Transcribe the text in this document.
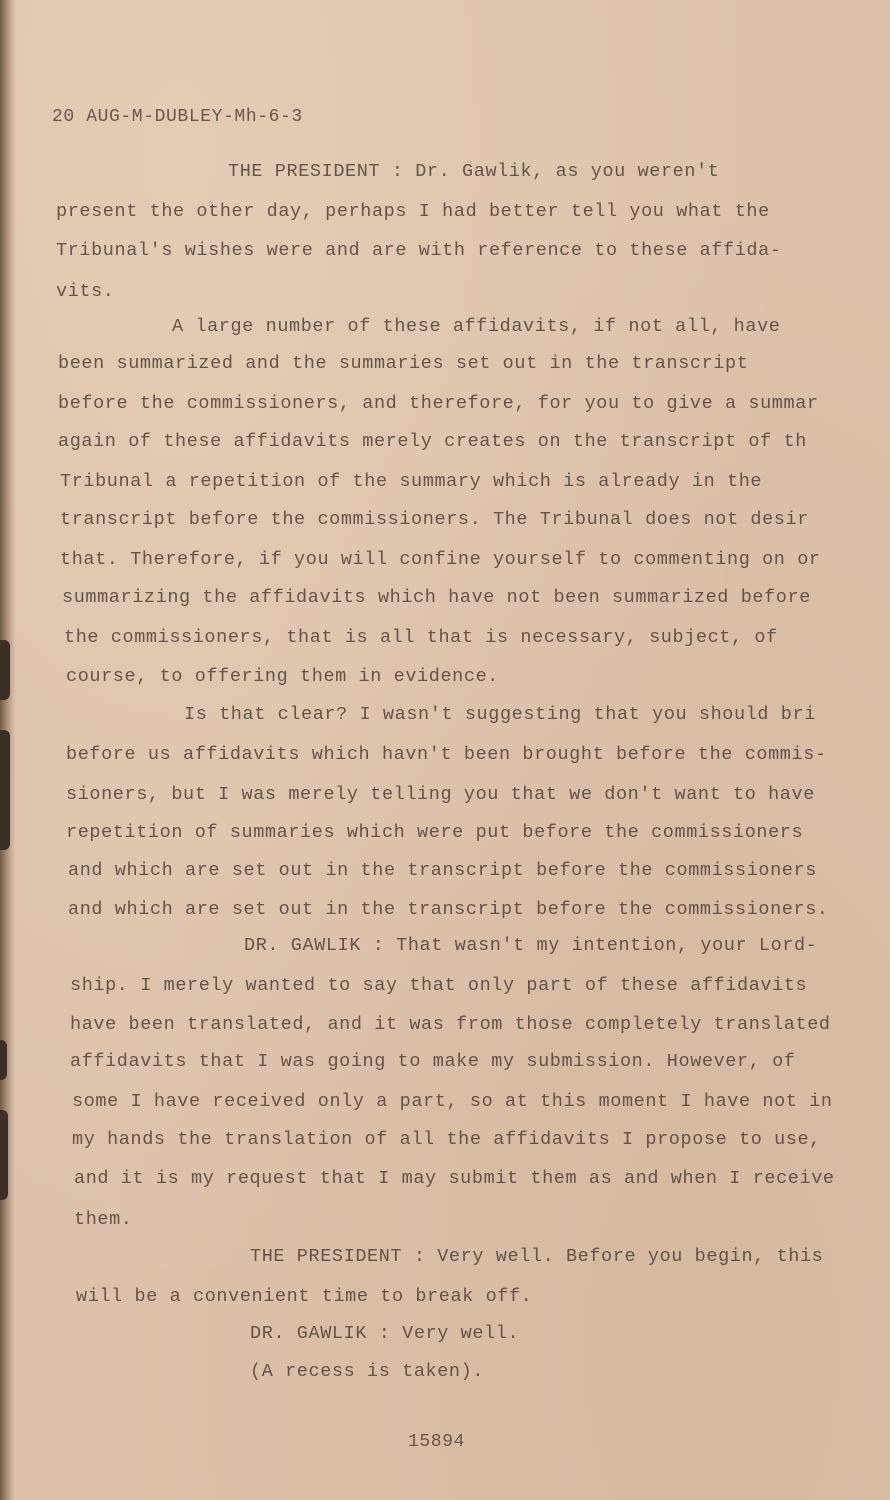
20 AUG-M-DUBLEY-Mh-6-3
THE PRESIDENT : Dr. Gawlik, as you weren't
present the other day, perhaps I had better tell you what the
Tribunal's wishes were and are with reference to these affida-
vits.
A large number of these affidavits, if not all, have
been summarized and the summaries set out in the transcript
before the commissioners, and therefore, for you to give a summar
again of these affidavits merely creates on the transcript of th
Tribunal a repetition of the summary which is already in the
transcript before the commissioners. The Tribunal does not desir
that. Therefore, if you will confine yourself to commenting on or
summarizing the affidavits which have not been summarized before
the commissioners, that is all that is necessary, subject, of
course, to offering them in evidence.
Is that clear? I wasn't suggesting that you should bri
before us affidavits which havn't been brought before the commis-
sioners, but I was merely telling you that we don't want to have
repetition of summaries which were put before the commissioners
and which are set out in the transcript before the commissioners
and which are set out in the transcript before the commissioners.
DR. GAWLIK : That wasn't my intention, your Lord-
ship. I merely wanted to say that only part of these affidavits
have been translated, and it was from those completely translated
affidavits that I was going to make my submission. However, of
some I have received only a part, so at this moment I have not in
my hands the translation of all the affidavits I propose to use,
and it is my request that I may submit them as and when I receive
them.
THE PRESIDENT : Very well. Before you begin, this
will be a convenient time to break off.
DR. GAWLIK : Very well.
(A recess is taken).
15894
